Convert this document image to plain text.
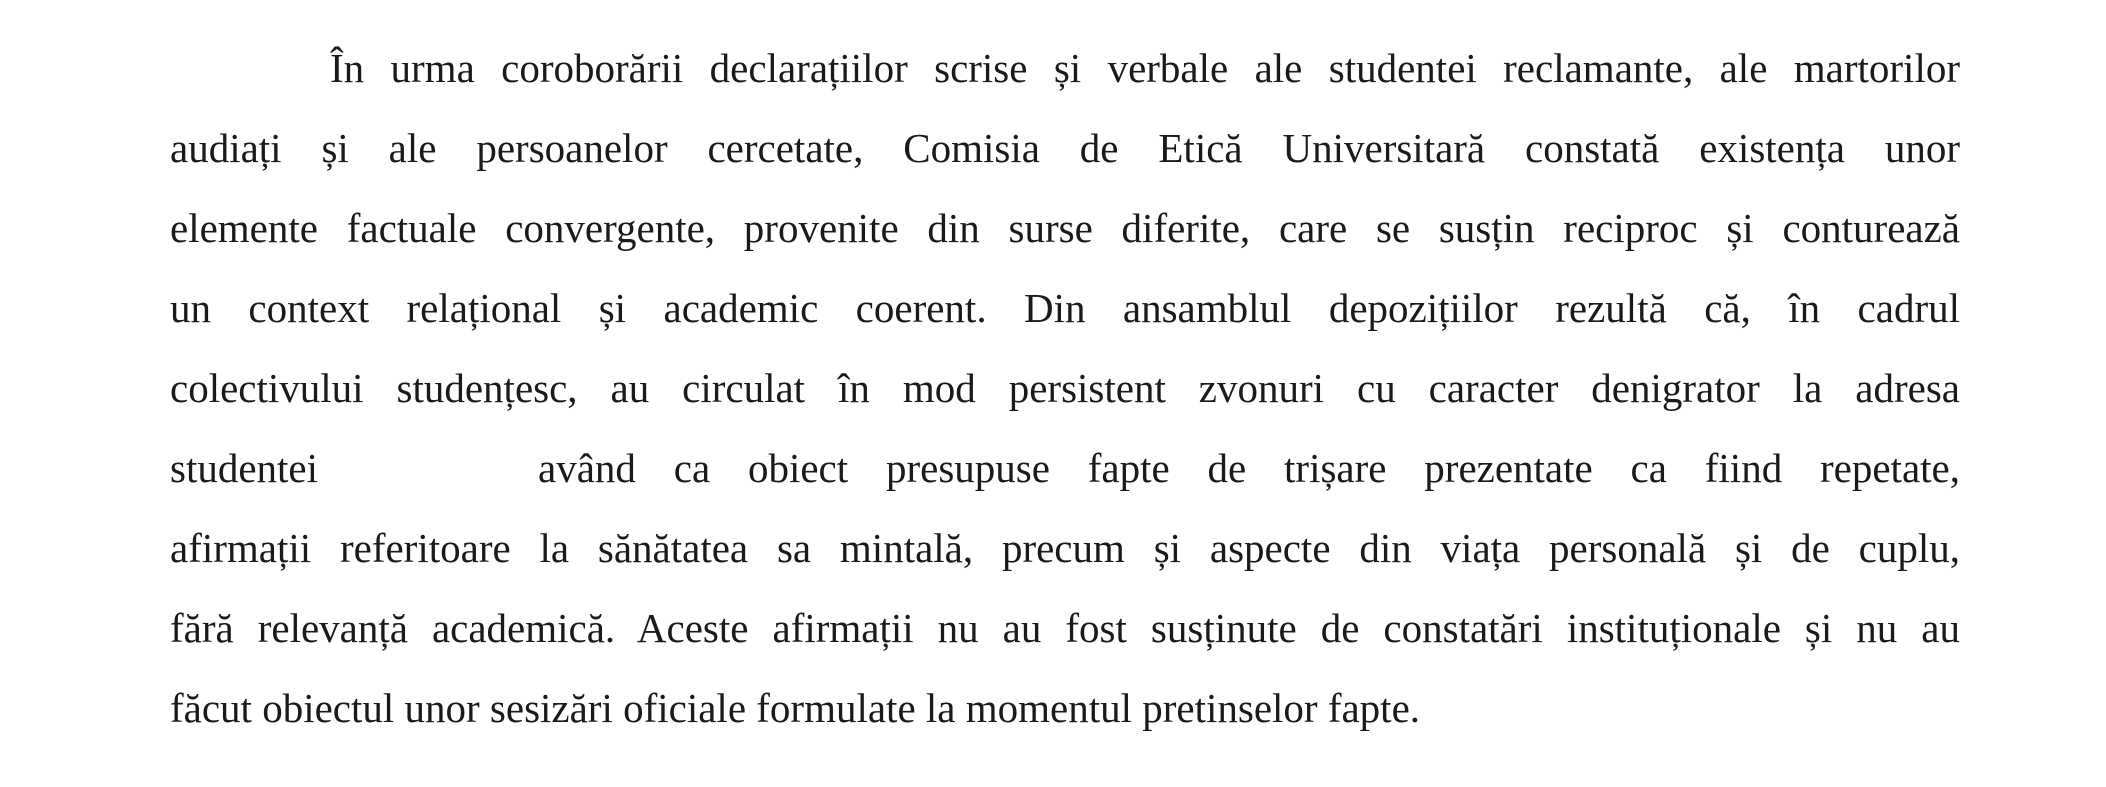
În urma coroborării declarațiilor scrise și verbale ale studentei reclamante, ale martorilor
audiați și ale persoanelor cercetate, Comisia de Etică Universitară constată existența unor
elemente factuale convergente, provenite din surse diferite, care se susțin reciproc și conturează
un context relațional și academic coerent. Din ansamblul depozițiilor rezultă că, în cadrul
colectivului studențesc, au circulat în mod persistent zvonuri cu caracter denigrator la adresa
studentei	având ca obiect presupuse fapte de trișare prezentate ca fiind repetate,
afirmații referitoare la sănătatea sa mintală, precum și aspecte din viața personală și de cuplu,
fără relevanță academică. Aceste afirmații nu au fost susținute de constatări instituționale și nu au
făcut obiectul unor sesizări oficiale formulate la momentul pretinselor fapte.
